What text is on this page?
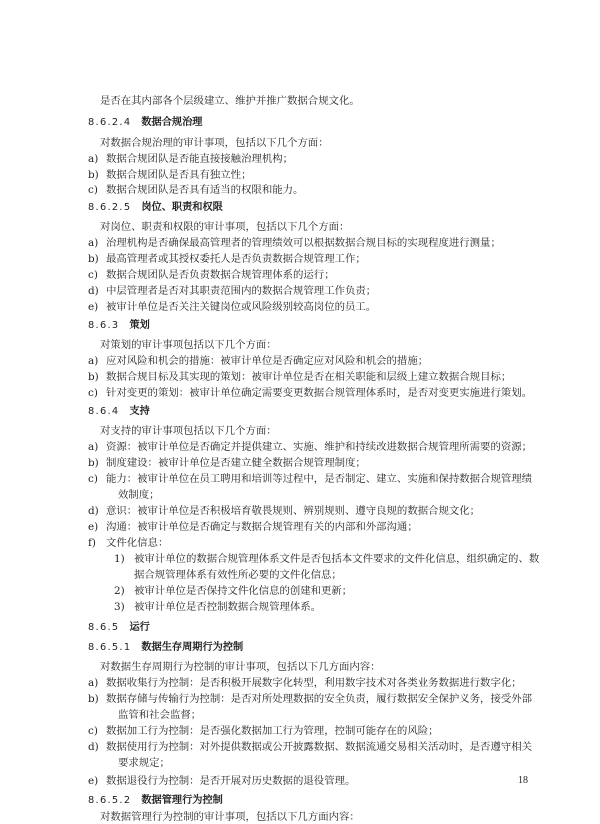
是否在其内部各个层级建立、维护并推广数据合规文化。
8.6.2.4 数据合规治理
对数据合规治理的审计事项，包括以下几个方面：
a) 数据合规团队是否能直接接触治理机构；
b) 数据合规团队是否具有独立性；
c) 数据合规团队是否具有适当的权限和能力。
8.6.2.5 岗位、职责和权限
对岗位、职责和权限的审计事项，包括以下几个方面：
a) 治理机构是否确保最高管理者的管理绩效可以根据数据合规目标的实现程度进行测量；
b) 最高管理者或其授权委托人是否负责数据合规管理工作；
c) 数据合规团队是否负责数据合规管理体系的运行；
d) 中层管理者是否对其职责范围内的数据合规管理工作负责；
e) 被审计单位是否关注关键岗位或风险级别较高岗位的员工。
8.6.3 策划
对策划的审计事项包括以下几个方面：
a) 应对风险和机会的措施：被审计单位是否确定应对风险和机会的措施；
b) 数据合规目标及其实现的策划：被审计单位是否在相关职能和层级上建立数据合规目标；
c) 针对变更的策划：被审计单位确定需要变更数据合规管理体系时，是否对变更实施进行策划。
8.6.4 支持
对支持的审计事项包括以下几个方面：
a) 资源：被审计单位是否确定并提供建立、实施、维护和持续改进数据合规管理所需要的资源；
b) 制度建设：被审计单位是否建立健全数据合规管理制度；
c) 能力：被审计单位在员工聘用和培训等过程中，是否制定、建立、实施和保持数据合规管理绩
效制度；
d) 意识：被审计单位是否积极培育敬畏规则、辨别规则、遵守良规的数据合规文化；
e) 沟通：被审计单位是否确定与数据合规管理有关的内部和外部沟通；
f) 文件化信息：
1) 被审计单位的数据合规管理体系文件是否包括本文件要求的文件化信息，组织确定的、数
据合规管理体系有效性所必要的文件化信息；
2) 被审计单位是否保持文件化信息的创建和更新；
3) 被审计单位是否控制数据合规管理体系。
8.6.5 运行
8.6.5.1 数据生存周期行为控制
对数据生存周期行为控制的审计事项，包括以下几方面内容：
a) 数据收集行为控制：是否积极开展数字化转型，利用数字技术对各类业务数据进行数字化；
b) 数据存储与传输行为控制：是否对所处理数据的安全负责，履行数据安全保护义务，接受外部
监管和社会监督；
c) 数据加工行为控制：是否强化数据加工行为管理，控制可能存在的风险；
d) 数据使用行为控制：对外提供数据或公开披露数据、数据流通交易相关活动时，是否遵守相关
要求规定；
e) 数据退役行为控制：是否开展对历史数据的退役管理。
8.6.5.2 数据管理行为控制
对数据管理行为控制的审计事项，包括以下几方面内容：
18
